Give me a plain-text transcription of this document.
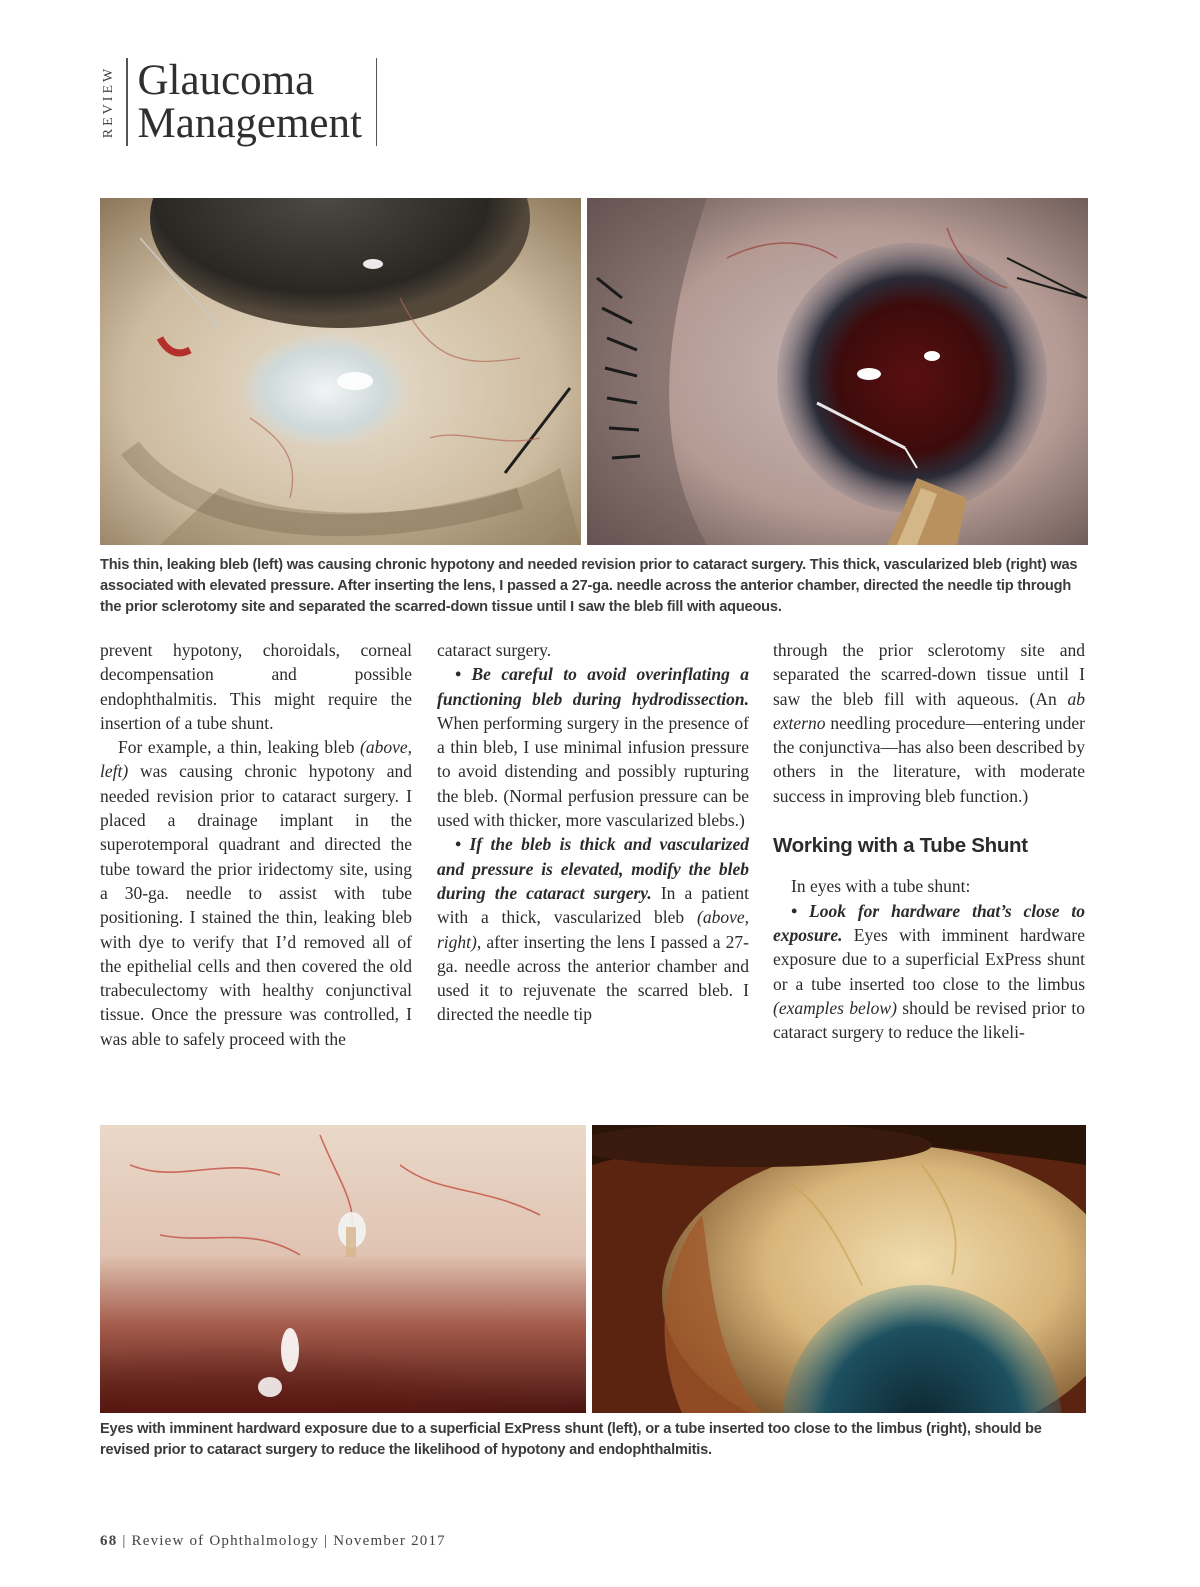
REVIEW Glaucoma
Management
This thin, leaking bleb (left) was causing chronic hypotony and needed revision prior to cataract surgery. This thick, vascularized bleb (right) was associated with elevated pressure. After inserting the lens, I passed a 27-ga. needle across the anterior chamber, directed the needle tip through the prior sclerotomy site and separated the scarred-down tissue until I saw the bleb fill with aqueous.

prevent hypotony, choroidals, corneal decompensation and possible endophthalmitis. This might require the insertion of a tube shunt.

For example, a thin, leaking bleb (above, left) was causing chronic hypotony and needed revision prior to cataract surgery. I placed a drainage implant in the superotemporal quadrant and directed the tube toward the prior iridectomy site, using a 30-ga. needle to assist with tube positioning. I stained the thin, leaking bleb with dye to verify that I’d removed all of the epithelial cells and then covered the old trabeculectomy with healthy conjunctival tissue. Once the pressure was controlled, I was able to safely proceed with the

cataract surgery.

• Be careful to avoid overinflating a functioning bleb during hydrodissection. When performing surgery in the presence of a thin bleb, I use minimal infusion pressure to avoid distending and possibly rupturing the bleb. (Normal perfusion pressure can be used with thicker, more vascularized blebs.)

• If the bleb is thick and vascularized and pressure is elevated, modify the bleb during the cataract surgery. In a patient with a thick, vascularized bleb (above, right), after inserting the lens I passed a 27-ga. needle across the anterior chamber and used it to rejuvenate the scarred bleb. I directed the needle tip

through the prior sclerotomy site and separated the scarred-down tissue until I saw the bleb fill with aqueous. (An ab externo needling procedure—entering under the conjunctiva—has also been described by others in the literature, with moderate success in improving bleb function.)

Working with a Tube Shunt

In eyes with a tube shunt:

• Look for hardware that’s close to exposure. Eyes with imminent hardware exposure due to a superficial ExPress shunt or a tube inserted too close to the limbus (examples below) should be revised prior to cataract surgery to reduce the likeli-

Eyes with imminent hardward exposure due to a superficial ExPress shunt (left), or a tube inserted too close to the limbus (right), should be revised prior to cataract surgery to reduce the likelihood of hypotony and endophthalmitis.
68 | Review of Ophthalmology | November 2017
